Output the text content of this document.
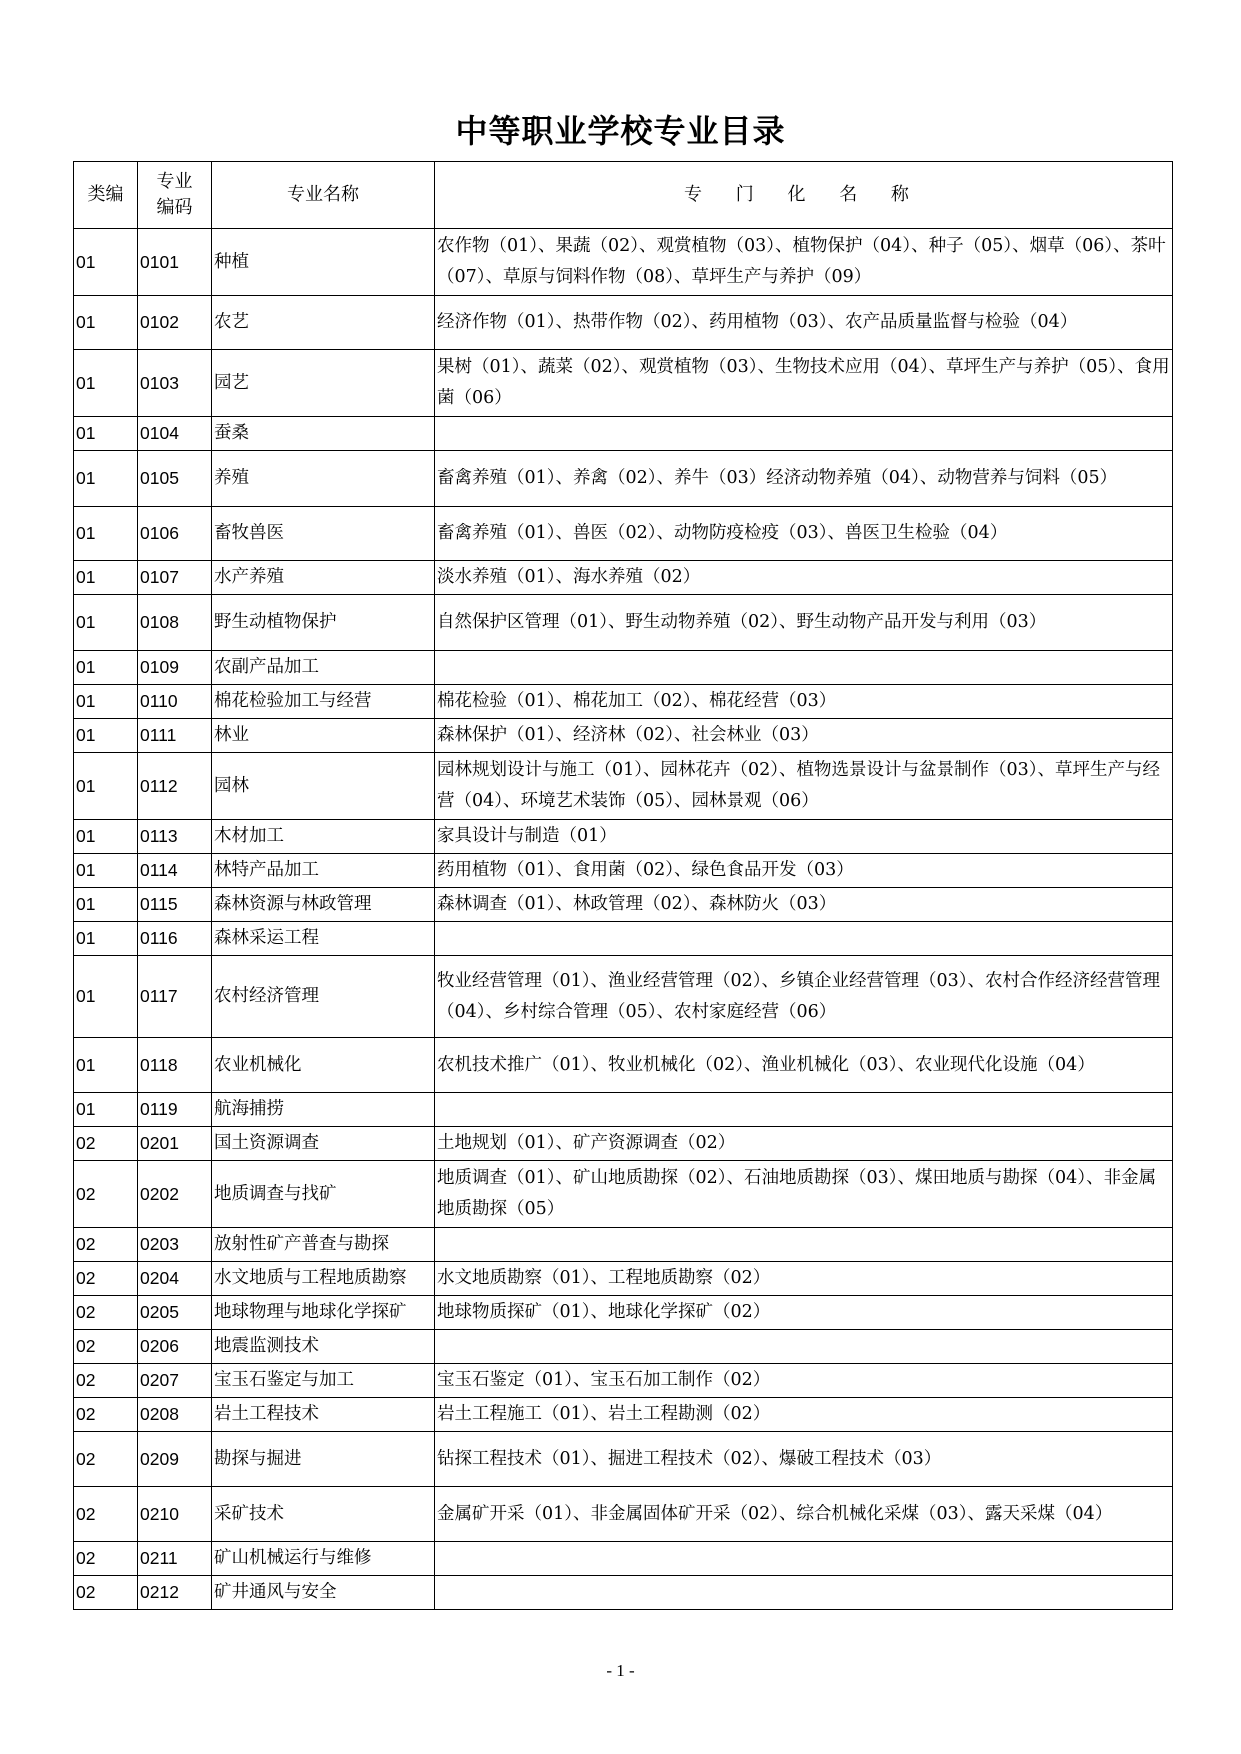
中等职业学校专业目录
类编	专业编码	专业名称	专 门 化 名 称
01	0101	种植	农作物（01）、果蔬（02）、观赏植物（03）、植物保护（04）、种子（05）、烟草（06）、茶叶（07）、草原与饲料作物（08）、草坪生产与养护（09）
01	0102	农艺	经济作物（01）、热带作物（02）、药用植物（03）、农产品质量监督与检验（04）
01	0103	园艺	果树（01）、蔬菜（02）、观赏植物（03）、生物技术应用（04）、草坪生产与养护（05）、食用菌（06）
01	0104	蚕桑	
01	0105	养殖	畜禽养殖（01）、养禽（02）、养牛（03）经济动物养殖（04）、动物营养与饲料（05）
01	0106	畜牧兽医	畜禽养殖（01）、兽医（02）、动物防疫检疫（03）、兽医卫生检验（04）
01	0107	水产养殖	淡水养殖（01）、海水养殖（02）
01	0108	野生动植物保护	自然保护区管理（01）、野生动物养殖（02）、野生动物产品开发与利用（03）
01	0109	农副产品加工	
01	0110	棉花检验加工与经营	棉花检验（01）、棉花加工（02）、棉花经营（03）
01	0111	林业	森林保护（01）、经济林（02）、社会林业（03）
01	0112	园林	园林规划设计与施工（01）、园林花卉（02）、植物选景设计与盆景制作（03）、草坪生产与经营（04）、环境艺术装饰（05）、园林景观（06）
01	0113	木材加工	家具设计与制造（01）
01	0114	林特产品加工	药用植物（01）、食用菌（02）、绿色食品开发（03）
01	0115	森林资源与林政管理	森林调查（01）、林政管理（02）、森林防火（03）
01	0116	森林采运工程	
01	0117	农村经济管理	牧业经营管理（01）、渔业经营管理（02）、乡镇企业经营管理（03）、农村合作经济经营管理（04）、乡村综合管理（05）、农村家庭经营（06）
01	0118	农业机械化	农机技术推广（01）、牧业机械化（02）、渔业机械化（03）、农业现代化设施（04）
01	0119	航海捕捞	
02	0201	国土资源调查	土地规划（01）、矿产资源调查（02）
02	0202	地质调查与找矿	地质调查（01）、矿山地质勘探（02）、石油地质勘探（03）、煤田地质与勘探（04）、非金属地质勘探（05）
02	0203	放射性矿产普查与勘探	
02	0204	水文地质与工程地质勘察	水文地质勘察（01）、工程地质勘察（02）
02	0205	地球物理与地球化学探矿	地球物质探矿（01）、地球化学探矿（02）
02	0206	地震监测技术	
02	0207	宝玉石鉴定与加工	宝玉石鉴定（01）、宝玉石加工制作（02）
02	0208	岩土工程技术	岩土工程施工（01）、岩土工程勘测（02）
02	0209	勘探与掘进	钻探工程技术（01）、掘进工程技术（02）、爆破工程技术（03）
02	0210	采矿技术	金属矿开采（01）、非金属固体矿开采（02）、综合机械化采煤（03）、露天采煤（04）
02	0211	矿山机械运行与维修	
02	0212	矿井通风与安全	
- 1 -
